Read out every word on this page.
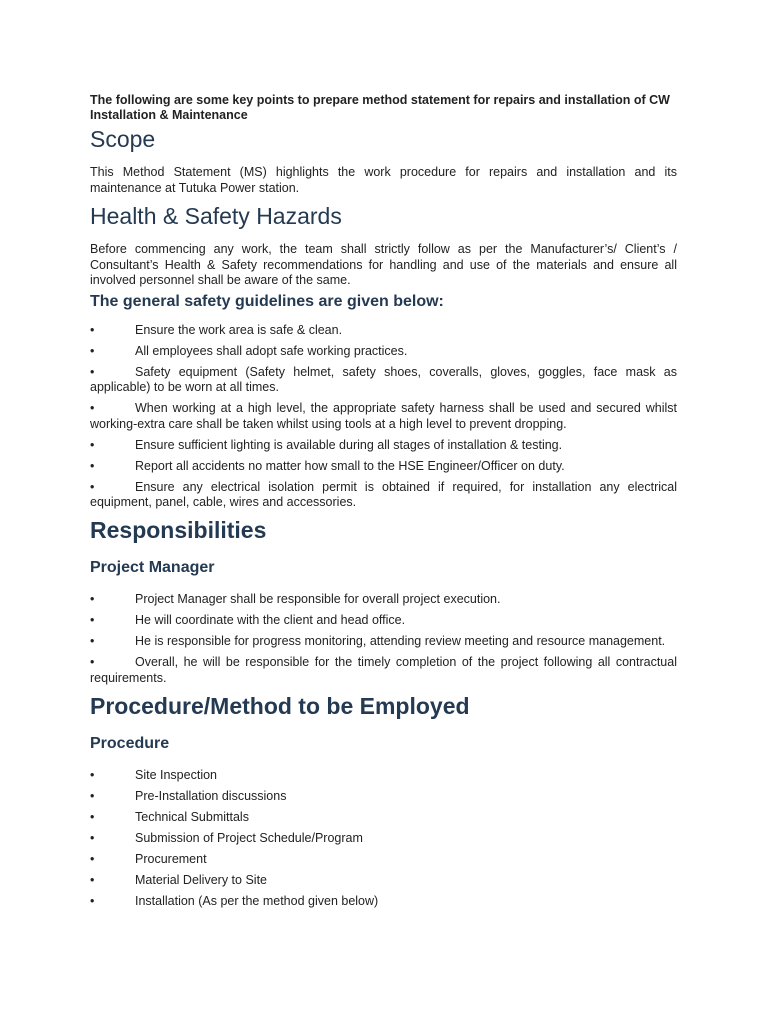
The following are some key points to prepare method statement for repairs and installation of CW Installation & Maintenance

Scope

This Method Statement (MS) highlights the work procedure for repairs and installation and its maintenance at Tutuka Power station.

Health & Safety Hazards

Before commencing any work, the team shall strictly follow as per the Manufacturer’s/ Client’s / Consultant’s Health & Safety recommendations for handling and use of the materials and ensure all involved personnel shall be aware of the same.

The general safety guidelines are given below:
•	Ensure the work area is safe & clean.
•	All employees shall adopt safe working practices.
•	Safety equipment (Safety helmet, safety shoes, coveralls, gloves, goggles, face mask as applicable) to be worn at all times.
•	When working at a high level, the appropriate safety harness shall be used and secured whilst working-extra care shall be taken whilst using tools at a high level to prevent dropping.
•	Ensure sufficient lighting is available during all stages of installation & testing.
•	Report all accidents no matter how small to the HSE Engineer/Officer on duty.
•	Ensure any electrical isolation permit is obtained if required, for installation any electrical equipment, panel, cable, wires and accessories.
Responsibilities
Project Manager
•	Project Manager shall be responsible for overall project execution.
•	He will coordinate with the client and head office.
•	He is responsible for progress monitoring, attending review meeting and resource management.
•	Overall, he will be responsible for the timely completion of the project following all contractual requirements.
Procedure/Method to be Employed
Procedure
•	Site Inspection
•	Pre-Installation discussions
•	Technical Submittals
•	Submission of Project Schedule/Program
•	Procurement
•	Material Delivery to Site
•	Installation (As per the method given below)
